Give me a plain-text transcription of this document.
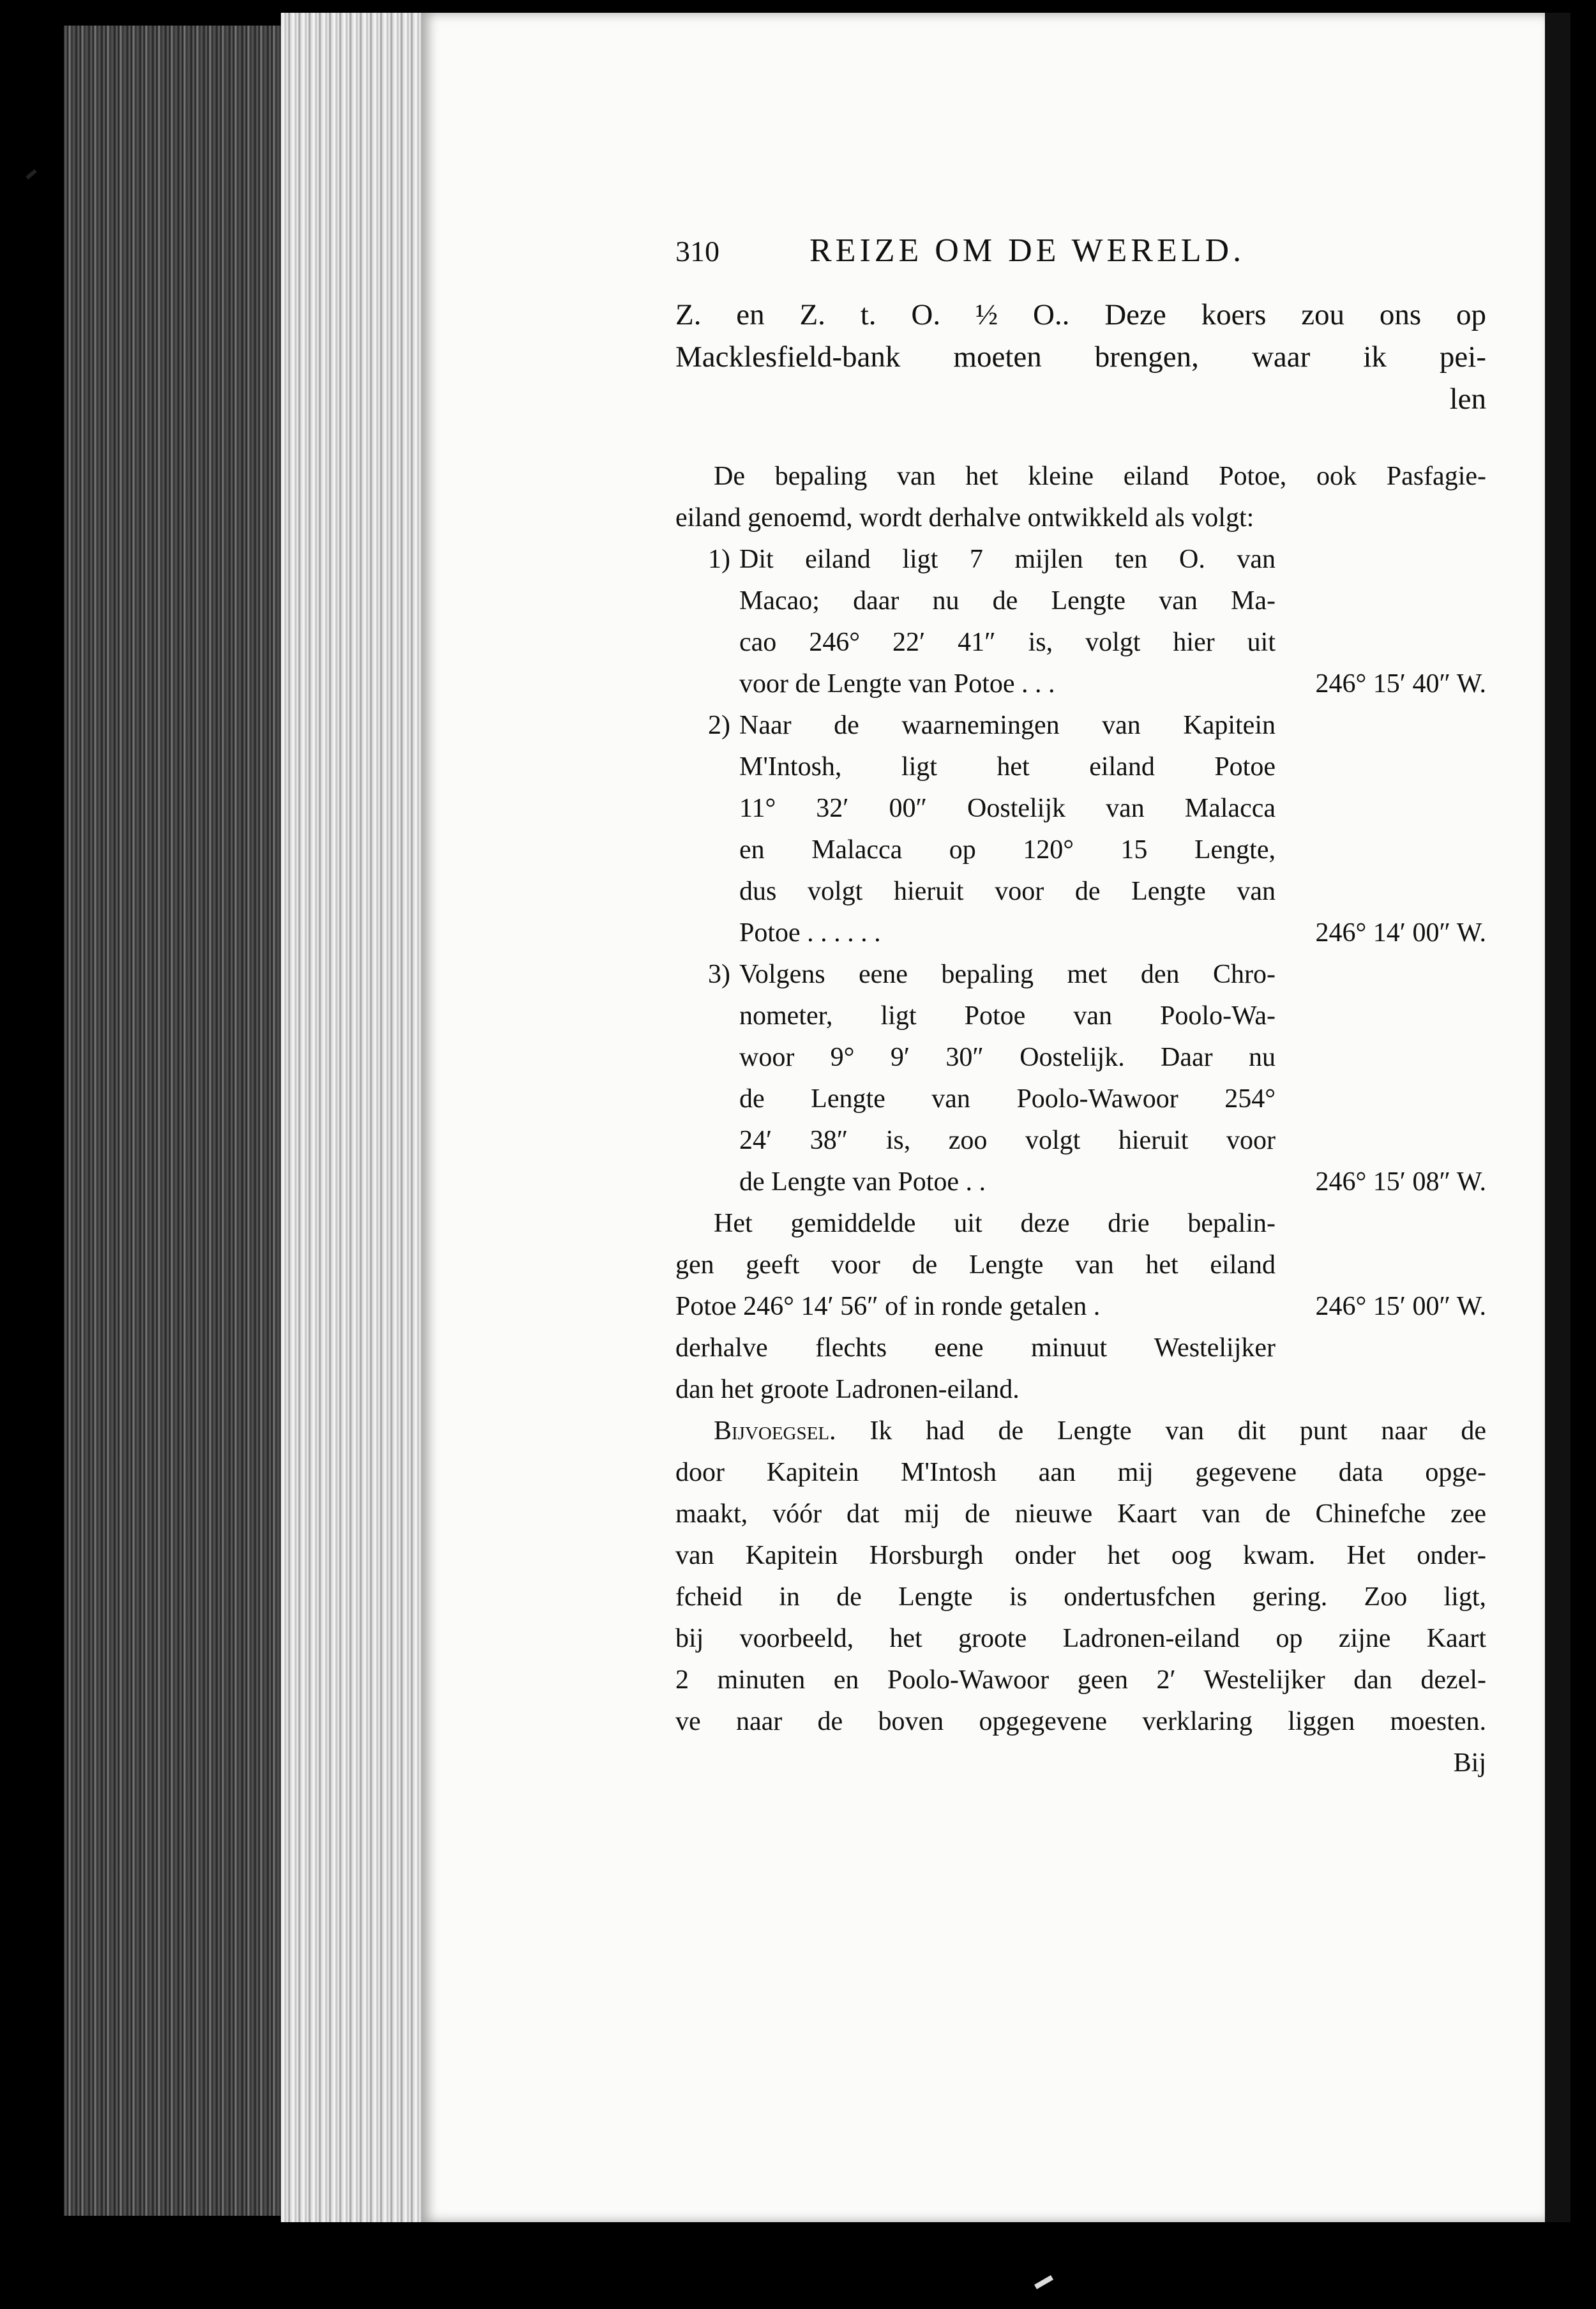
310	REIZE OM DE WERELD.
Z. en Z. t. O. ½ O.. Deze koers zou ons op
Macklesfield-bank moeten brengen, waar ik pei-
len
De bepaling van het kleine eiland Potoe, ook Pasfagie-
eiland genoemd, wordt derhalve ontwikkeld als volgt:
1) Dit eiland ligt 7 mijlen ten O. van
Macao; daar nu de Lengte van Ma-
cao 246° 22′ 41″ is, volgt hier uit
voor de Lengte van Potoe . . .	246° 15′ 40″ W.
2) Naar de waarnemingen van Kapitein
M'Intosh, ligt het eiland Potoe
11° 32′ 00″ Oostelijk van Malacca
en Malacca op 120° 15 Lengte,
dus volgt hieruit voor de Lengte van
Potoe . . . . . .	246° 14′ 00″ W.
3) Volgens eene bepaling met den Chro-
nometer, ligt Potoe van Poolo-Wa-
woor 9° 9′ 30″ Oostelijk. Daar nu
de Lengte van Poolo-Wawoor 254°
24′ 38″ is, zoo volgt hieruit voor
de Lengte van Potoe . .	246° 15′ 08″ W.
Het gemiddelde uit deze drie bepalin-
gen geeft voor de Lengte van het eiland
Potoe 246° 14′ 56″ of in ronde getalen .	246° 15′ 00″ W.
derhalve flechts eene minuut Westelijker
dan het groote Ladronen-eiland.
Bijvoegsel. Ik had de Lengte van dit punt naar de
door Kapitein M'Intosh aan mij gegevene data opge-
maakt, vóór dat mij de nieuwe Kaart van de Chinefche zee
van Kapitein Horsburgh onder het oog kwam. Het onder-
fcheid in de Lengte is ondertusfchen gering. Zoo ligt,
bij voorbeeld, het groote Ladronen-eiland op zijne Kaart
2 minuten en Poolo-Wawoor geen 2′ Westelijker dan dezel-
ve naar de boven opgegevene verklaring liggen moesten.
Bij
